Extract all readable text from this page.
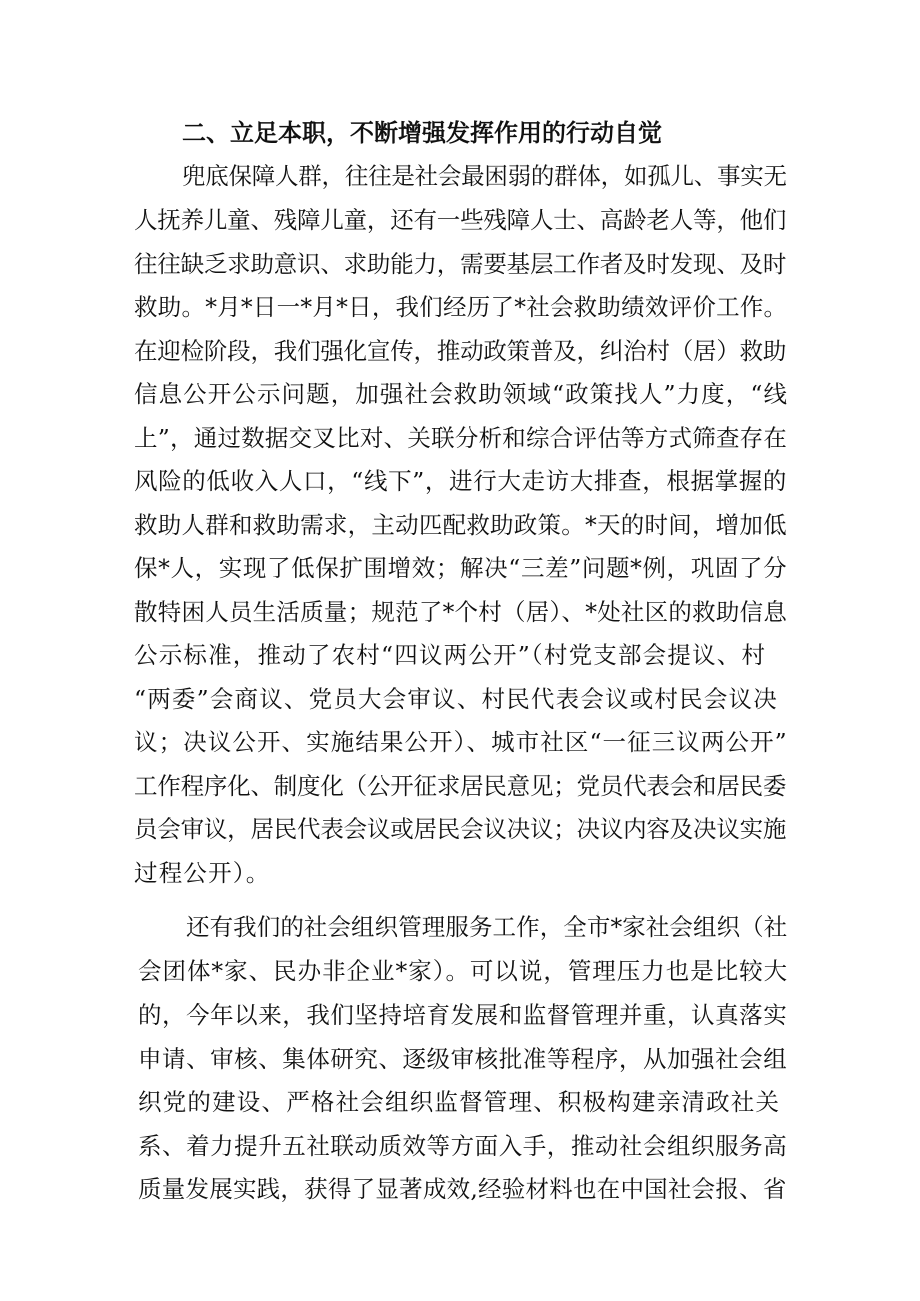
二、立足本职，不断增强发挥作用的行动自觉
兜底保障人群，往往是社会最困弱的群体，如孤儿、事实无
人抚养儿童、残障儿童，还有一些残障人士、高龄老人等，他们
往往缺乏求助意识、求助能力，需要基层工作者及时发现、及时
救助。*月*日一*月*日，我们经历了*社会救助绩效评价工作。
在迎检阶段，我们强化宣传，推动政策普及，纠治村（居）救助
信息公开公示问题，加强社会救助领域“政策找人”力度，“线
上”，通过数据交叉比对、关联分析和综合评估等方式筛查存在
风险的低收入人口，“线下”，进行大走访大排查，根据掌握的
救助人群和救助需求，主动匹配救助政策。*天的时间，增加低
保*人，实现了低保扩围增效；解决“三差”问题*例，巩固了分
散特困人员生活质量；规范了*个村（居）、*处社区的救助信息
公示标准，推动了农村“四议两公开”（村党支部会提议、村
“两委”会商议、党员大会审议、村民代表会议或村民会议决
议；决议公开、实施结果公开）、城市社区“一征三议两公开”
工作程序化、制度化（公开征求居民意见；党员代表会和居民委
员会审议，居民代表会议或居民会议决议；决议内容及决议实施
过程公开）。
还有我们的社会组织管理服务工作，全市*家社会组织（社
会团体*家、民办非企业*家）。可以说，管理压力也是比较大
的，今年以来，我们坚持培育发展和监督管理并重，认真落实
申请、审核、集体研究、逐级审核批准等程序，从加强社会组
织党的建设、严格社会组织监督管理、积极构建亲清政社关
系、着力提升五社联动质效等方面入手，推动社会组织服务高
质量发展实践，获得了显著成效,经验材料也在中国社会报、省
